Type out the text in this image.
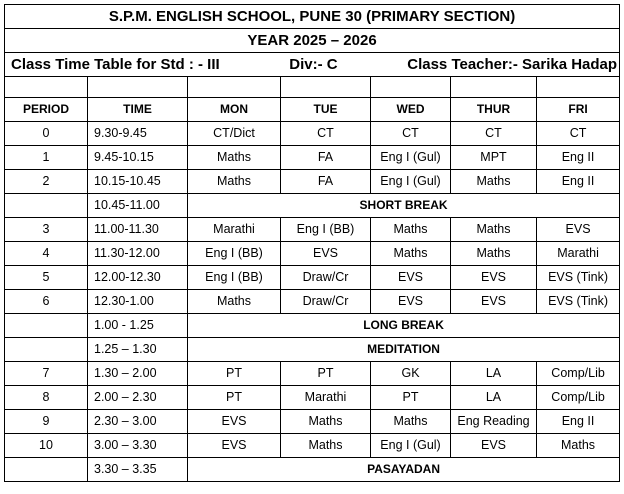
S.P.M. ENGLISH SCHOOL, PUNE 30 (PRIMARY SECTION)						
YEAR 2025 – 2026						

Class Time Table for Std : - III Div:- C Class Teacher:- Sarika Hadap						

PERIOD	TIME	MON	TUE	WED	THUR	FRI
0	9.30-9.45	CT/Dict	CT	CT	CT	CT
1	9.45-10.15	Maths	FA	Eng I (Gul)	MPT	Eng II
2	10.15-10.45	Maths	FA	Eng I (Gul)	Maths	Eng II
	10.45-11.00	SHORT BREAK				
3	11.00-11.30	Marathi	Eng I (BB)	Maths	Maths	EVS
4	11.30-12.00	Eng I (BB)	EVS	Maths	Maths	Marathi
5	12.00-12.30	Eng I (BB)	Draw/Cr	EVS	EVS	EVS (Tink)
6	12.30-1.00	Maths	Draw/Cr	EVS	EVS	EVS (Tink)
	1.00 - 1.25	LONG BREAK				
	1.25 – 1.30	MEDITATION				
7	1.30 – 2.00	PT	PT	GK	LA	Comp/Lib
8	2.00 – 2.30	PT	Marathi	PT	LA	Comp/Lib
9	2.30 – 3.00	EVS	Maths	Maths	Eng Reading	Eng II
10	3.00 – 3.30	EVS	Maths	Eng I (Gul)	EVS	Maths
	3.30 – 3.35	PASAYADAN				
